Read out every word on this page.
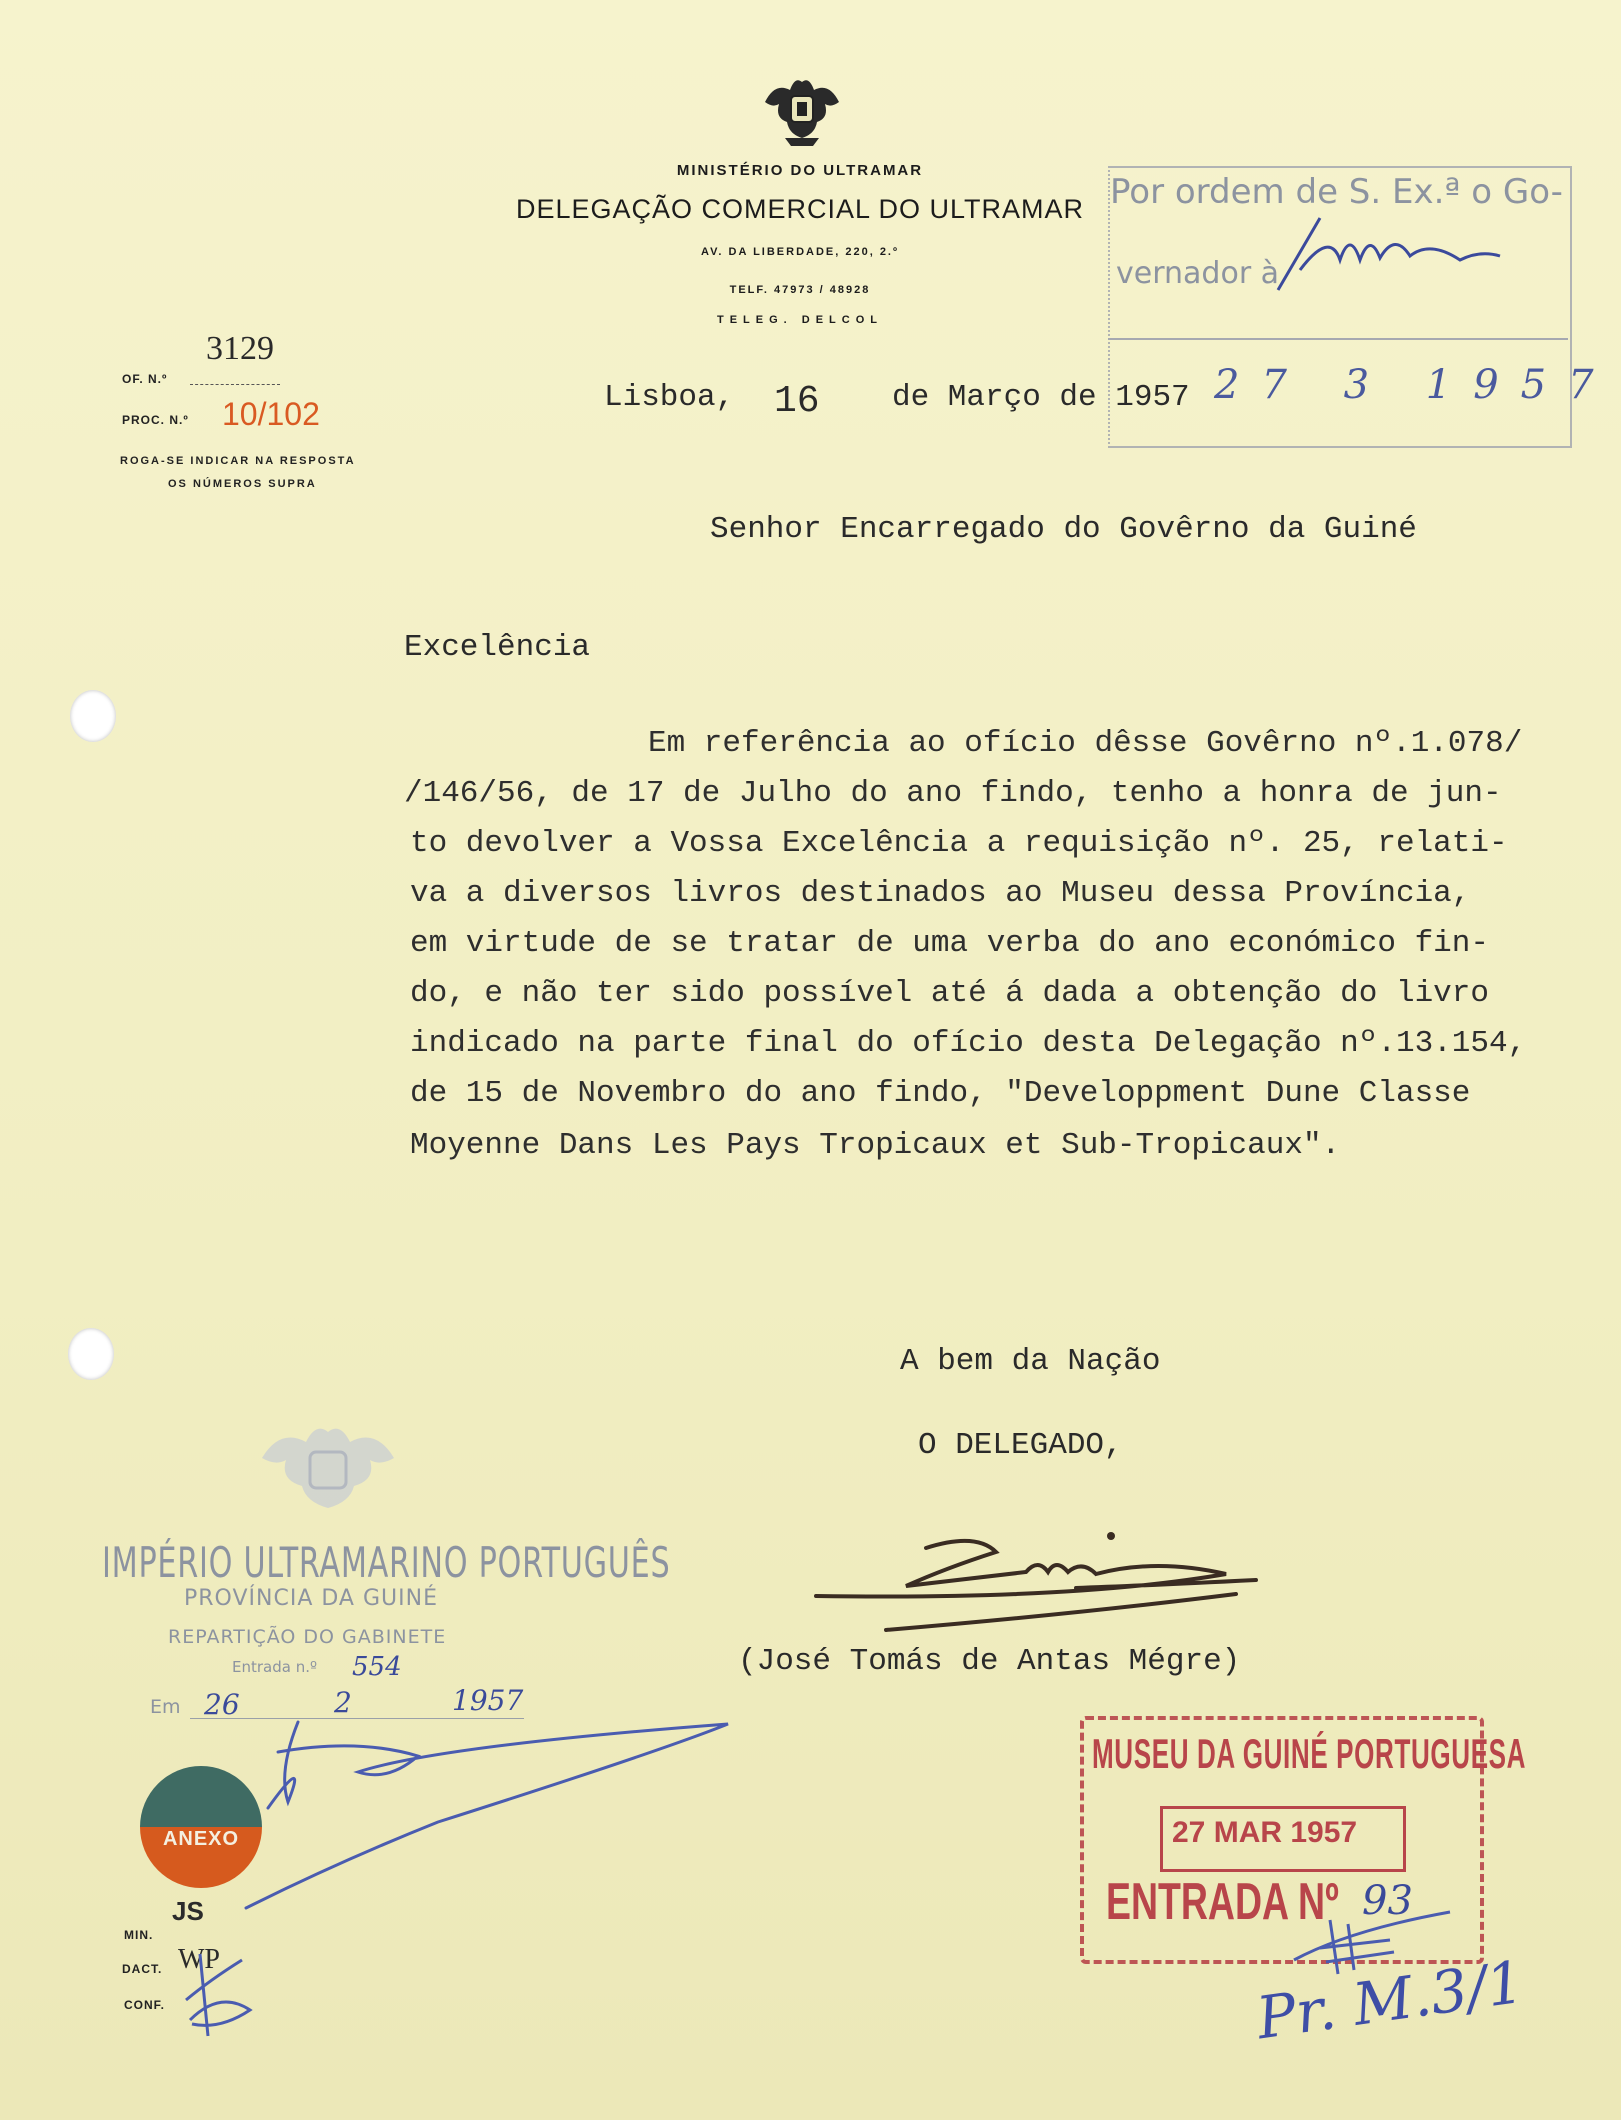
MINISTÉRIO DO ULTRAMAR
DELEGAÇÃO COMERCIAL DO ULTRAMAR
AV. DA LIBERDADE, 220, 2.º
TELF. 47973 / 48928
TELEG. DELCOL
3129
OF. N.º
PROC. N.º 10/102
ROGA-SE INDICAR NA RESPOSTA
OS NÚMEROS SUPRA
Lisboa, 16 de Março de 1957
Por ordem de S. Ex.ª o Go-
vernador à
27 3 1957
Senhor Encarregado do Govêrno da Guiné
Excelência
Em referência ao ofício dêsse Govêrno nº.1.078/
/146/56, de 17 de Julho do ano findo, tenho a honra de jun-
to devolver a Vossa Excelência a requisição nº. 25, relati-
va a diversos livros destinados ao Museu dessa Província,
em virtude de se tratar de uma verba do ano económico fin-
do, e não ter sido possível até á dada a obtenção do livro
indicado na parte final do ofício desta Delegação nº.13.154,
de 15 de Novembro do ano findo, "Developpment Dune Classe
Moyenne Dans Les Pays Tropicaux et Sub-Tropicaux".
A bem da Nação
O DELEGADO,
(José Tomás de Antas Mégre)
IMPÉRIO ULTRAMARINO PORTUGUÊS
PROVÍNCIA DA GUINÉ
REPARTIÇÃO DO GABINETE
Entrada n.º 554
Em 26	2	1957
ANEXO
JS
MIN.
DACT. WP
CONF.
MUSEU DA GUINÉ PORTUGUESA
27 MAR 1957
ENTRADA Nº 93
Pr. M.3/1
